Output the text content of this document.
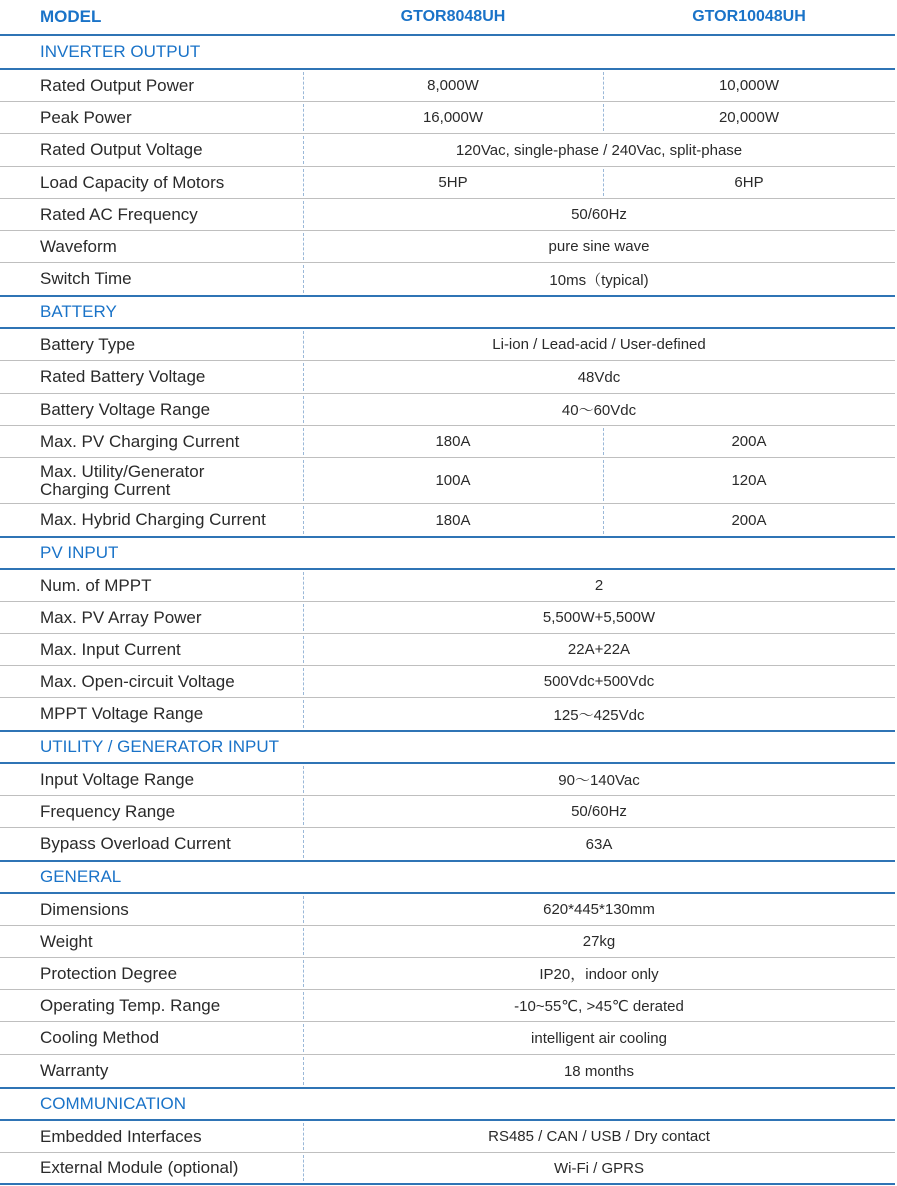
MODEL	GTOR8048UH	GTOR10048UH
INVERTER OUTPUT
Rated Output Power	8,000W	10,000W
Peak Power	16,000W	20,000W
Rated Output Voltage	120Vac, single-phase / 240Vac, split-phase
Load Capacity of Motors	5HP	6HP
Rated AC Frequency	50/60Hz
Waveform	pure sine wave
Switch Time	10ms（typical)
BATTERY
Battery Type	Li-ion / Lead-acid / User-defined
Rated Battery Voltage	48Vdc
Battery Voltage Range	40～60Vdc
Max. PV Charging Current	180A	200A
Max. Utility/Generator
Charging Current	100A	120A
Max. Hybrid Charging Current	180A	200A
PV INPUT
Num. of MPPT	2
Max. PV Array Power	5,500W+5,500W
Max. Input Current	22A+22A
Max. Open-circuit Voltage	500Vdc+500Vdc
MPPT Voltage Range	125～425Vdc
UTILITY / GENERATOR INPUT
Input Voltage Range	90～140Vac
Frequency Range	50/60Hz
Bypass Overload Current	63A
GENERAL
Dimensions	620*445*130mm
Weight	27kg
Protection Degree	IP20，indoor only
Operating Temp. Range	-10~55℃, >45℃ derated
Cooling Method	intelligent air cooling
Warranty	18 months
COMMUNICATION
Embedded Interfaces	RS485 / CAN / USB / Dry contact
External Module (optional)	Wi-Fi / GPRS
